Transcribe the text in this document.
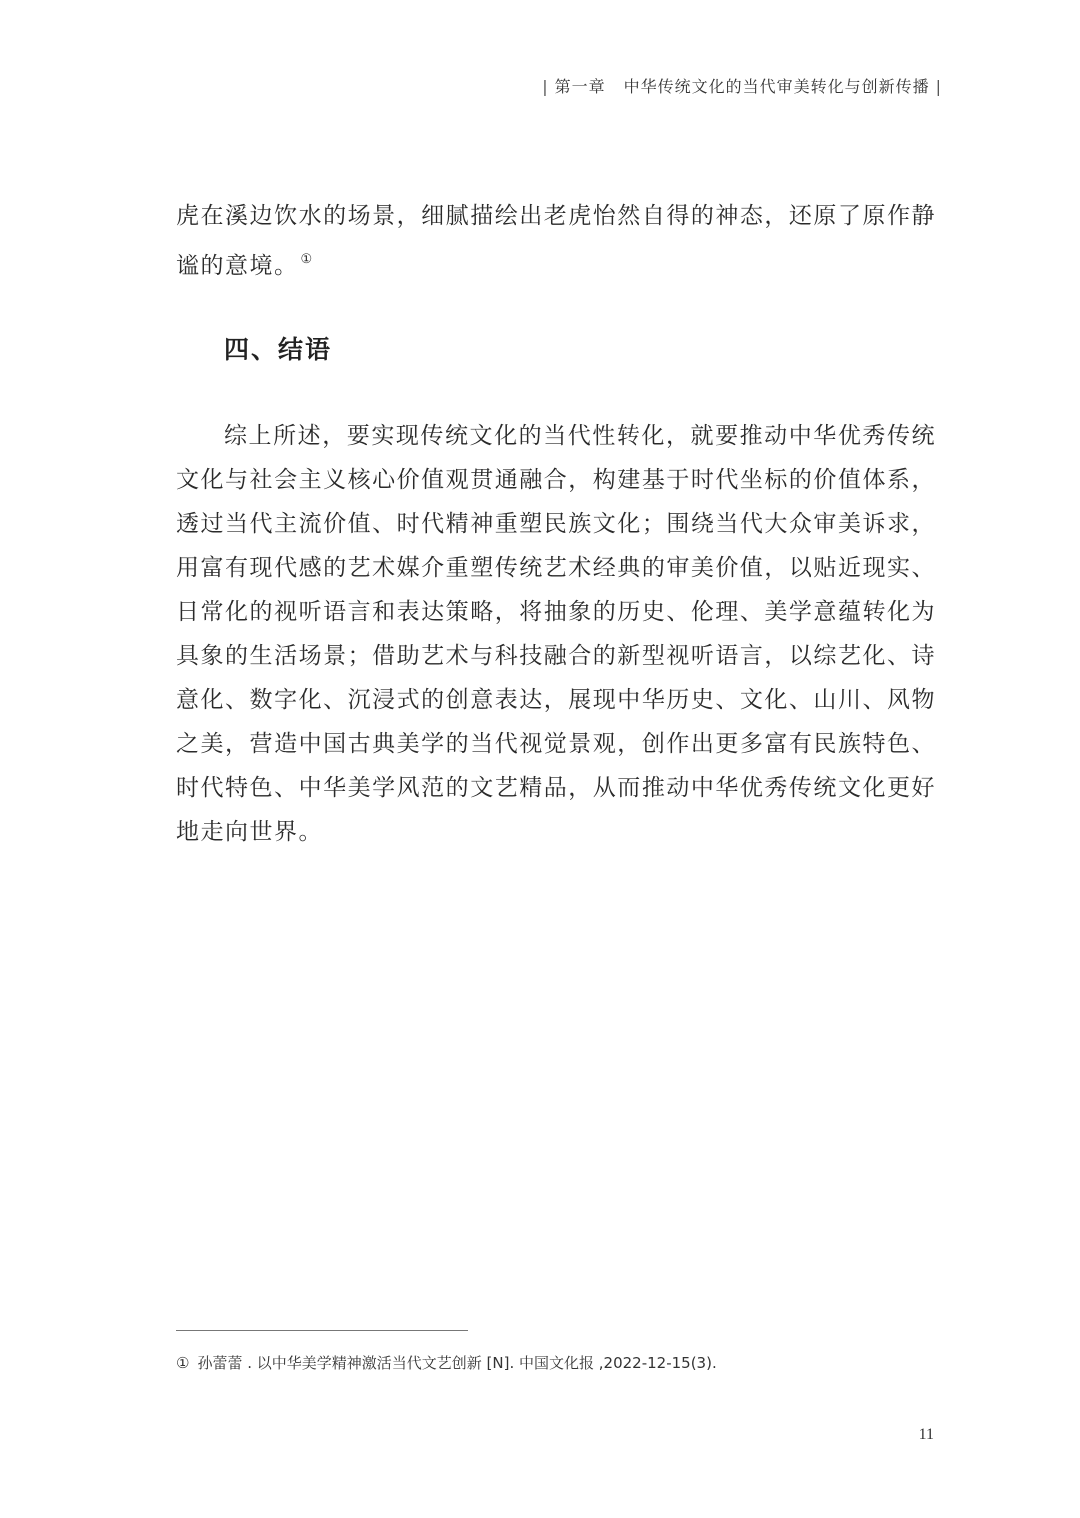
| 第一章 中华传统文化的当代审美转化与创新传播 |

虎在溪边饮水的场景，细腻描绘出老虎怡然自得的神态，还原了原作静谧的意境。 ①

四、结语

综上所述，要实现传统文化的当代性转化，就要推动中华优秀传统文化与社会主义核心价值观贯通融合，构建基于时代坐标的价值体系，透过当代主流价值、时代精神重塑民族文化；围绕当代大众审美诉求，用富有现代感的艺术媒介重塑传统艺术经典的审美价值，以贴近现实、日常化的视听语言和表达策略，将抽象的历史、伦理、美学意蕴转化为具象的生活场景；借助艺术与科技融合的新型视听语言，以综艺化、诗意化、数字化、沉浸式的创意表达，展现中华历史、文化、山川、风物之美，营造中国古典美学的当代视觉景观，创作出更多富有民族特色、时代特色、中华美学风范的文艺精品，从而推动中华优秀传统文化更好地走向世界。

① 孙蕾蕾 . 以中华美学精神激活当代文艺创新 [N]. 中国文化报 ,2022-12-15(3).
11
